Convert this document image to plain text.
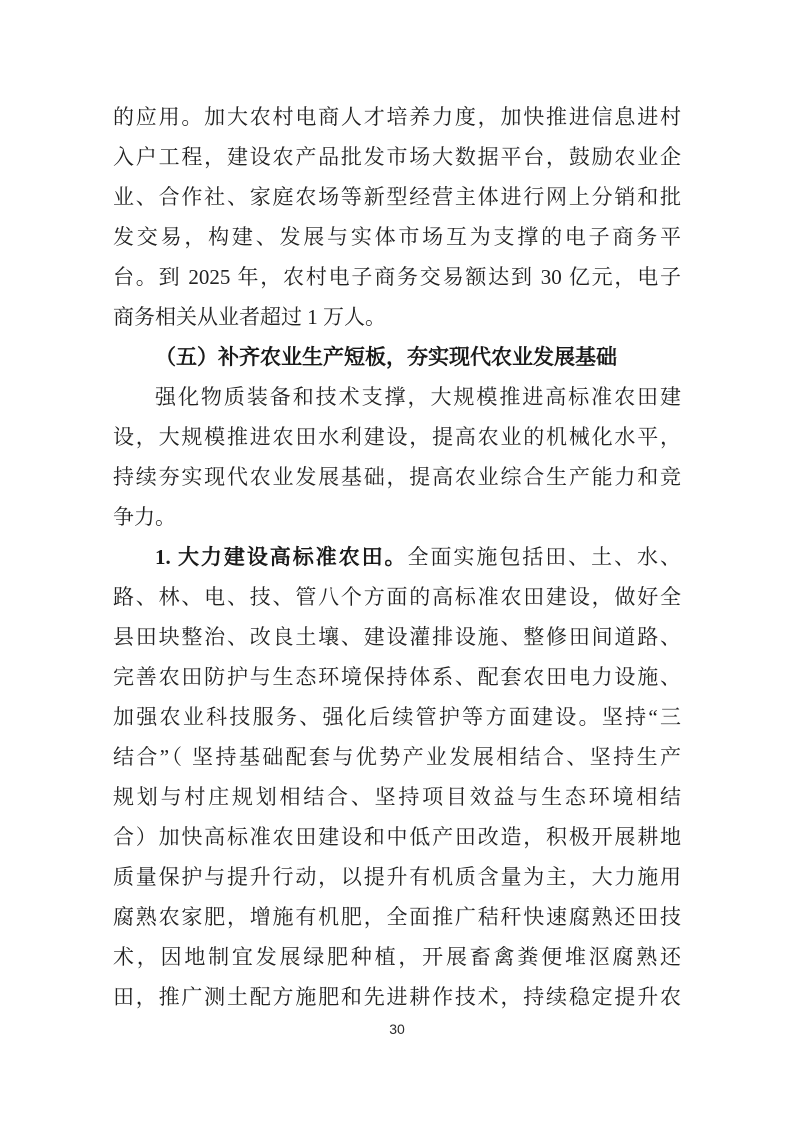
的应用。加大农村电商人才培养力度，加快推进信息进村
入户工程，建设农产品批发市场大数据平台，鼓励农业企
业、合作社、家庭农场等新型经营主体进行网上分销和批
发交易，构建、发展与实体市场互为支撑的电子商务平
台。到 2025 年，农村电子商务交易额达到 30 亿元，电子
商务相关从业者超过 1 万人。
（五）补齐农业生产短板，夯实现代农业发展基础
强化物质装备和技术支撑，大规模推进高标准农田建
设，大规模推进农田水利建设，提高农业的机械化水平，
持续夯实现代农业发展基础，提高农业综合生产能力和竞
争力。
1. 大力建设高标准农田。全面实施包括田、土、水、
路、林、电、技、管八个方面的高标准农田建设，做好全
县田块整治、改良土壤、建设灌排设施、整修田间道路、
完善农田防护与生态环境保持体系、配套农田电力设施、
加强农业科技服务、强化后续管护等方面建设。坚持“三
结合”（ 坚持基础配套与优势产业发展相结合、坚持生产
规划与村庄规划相结合、坚持项目效益与生态环境相结
合）加快高标准农田建设和中低产田改造，积极开展耕地
质量保护与提升行动，以提升有机质含量为主，大力施用
腐熟农家肥，增施有机肥，全面推广秸秆快速腐熟还田技
术，因地制宜发展绿肥种植，开展畜禽粪便堆沤腐熟还
田，推广测土配方施肥和先进耕作技术，持续稳定提升农
30
